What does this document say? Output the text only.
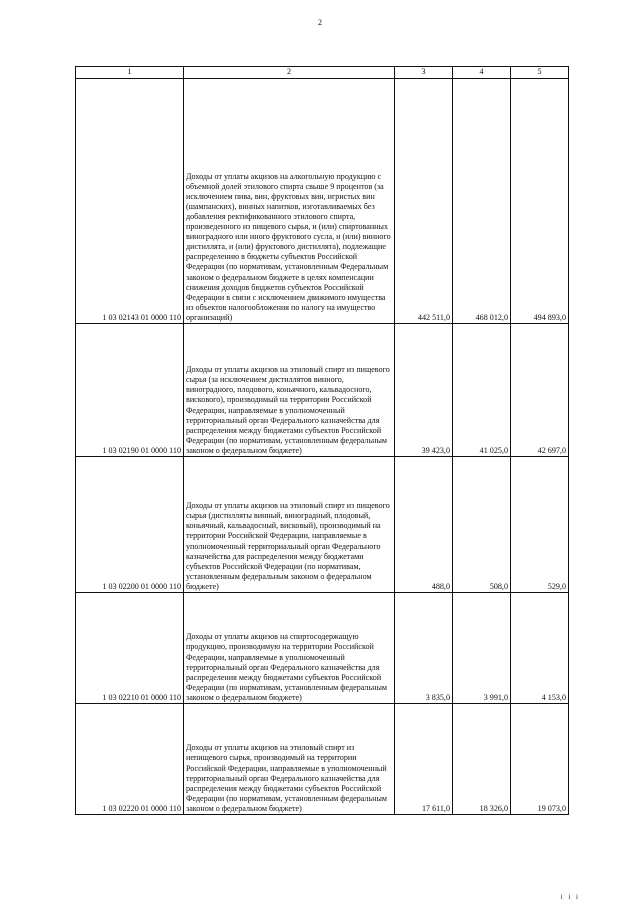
2
1	2	3	4	5
1 03 02143 01 0000 110	Доходы от уплаты акцизов на алкогольную продукцию с объемной долей этилового спирта свыше 9 процентов (за исключением пива, вин, фруктовых вин, игристых вин (шампанских), винных напитков, изготавливаемых без добавления ректификованного этилового спирта, произведенного из пищевого сырья, и (или) спиртованных виноградного или иного фруктового сусла, и (или) винного дистиллята, и (или) фруктового дистиллята), подлежащие распределению в бюджеты субъектов Российской Федерации (по нормативам, установленным Федеральным законом о федеральном бюджете в целях компенсации снижения доходов бюджетов субъектов Российской Федерации в связи с исключением движимого имущества из объектов налогообложения по налогу на имущество организаций)	442 511,0	468 012,0	494 893,0
1 03 02190 01 0000 110	Доходы от уплаты акцизов на этиловый спирт из пищевого сырья (за исключением дистиллятов винного, виноградного, плодового, коньячного, кальвадосного, вискового), производимый на территории Российской Федерации, направляемые в уполномоченный территориальный орган Федерального казначейства для распределения между бюджетами субъектов Российской Федерации (по нормативам, установленным федеральным законом о федеральном бюджете)	39 423,0	41 025,0	42 697,0
1 03 02200 01 0000 110	Доходы от уплаты акцизов на этиловый спирт из пищевого сырья (дистилляты винный, виноградный, плодовый, коньячный, кальвадосный, висковый), производимый на территории Российской Федерации, направляемые в уполномоченный территориальный орган Федерального казначейства для распределения между бюджетами субъектов Российской Федерации (по нормативам, установленным федеральным законом о федеральном бюджете)	488,0	508,0	529,0
1 03 02210 01 0000 110	Доходы от уплаты акцизов на спиртосодержащую продукцию, производимую на территории Российской Федерации, направляемые в уполномоченный территориальный орган Федерального казначейства для распределения между бюджетами субъектов Российской Федерации (по нормативам, установленным федеральным законом о федеральном бюджете)	3 835,0	3 991,0	4 153,0
1 03 02220 01 0000 110	Доходы от уплаты акцизов на этиловый спирт из непищевого сырья, производимый на территории Российской Федерации, направляемые в уполномоченный территориальный орган Федерального казначейства для распределения между бюджетами субъектов Российской Федерации (по нормативам, установленным федеральным законом о федеральном бюджете)	17 611,0	18 326,0	19 073,0
і і і
